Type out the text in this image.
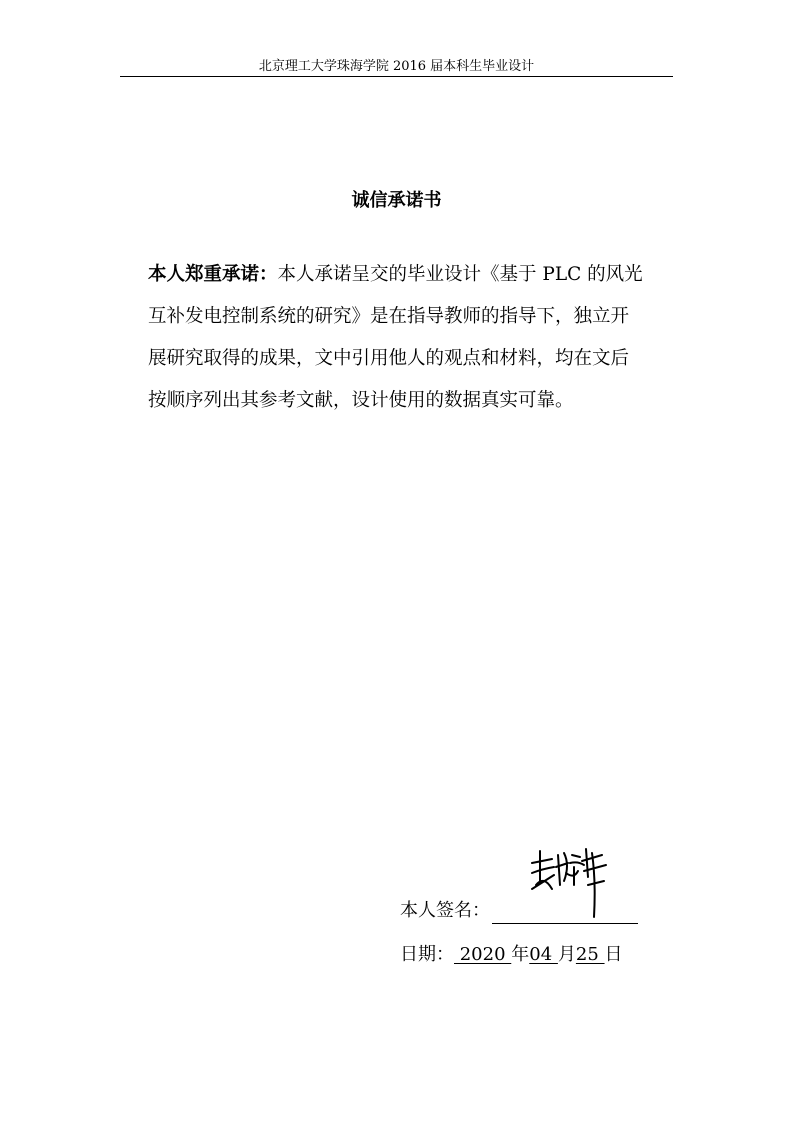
北京理工大学珠海学院 2016 届本科生毕业设计
诚信承诺书
本人郑重承诺：本人承诺呈交的毕业设计《基于 PLC 的风光互补发电控制系统的研究》是在指导教师的指导下，独立开展研究取得的成果，文中引用他人的观点和材料，均在文后按顺序列出其参考文献，设计使用的数据真实可靠。
本人签名：
日期： 2020 年04 月25 日
